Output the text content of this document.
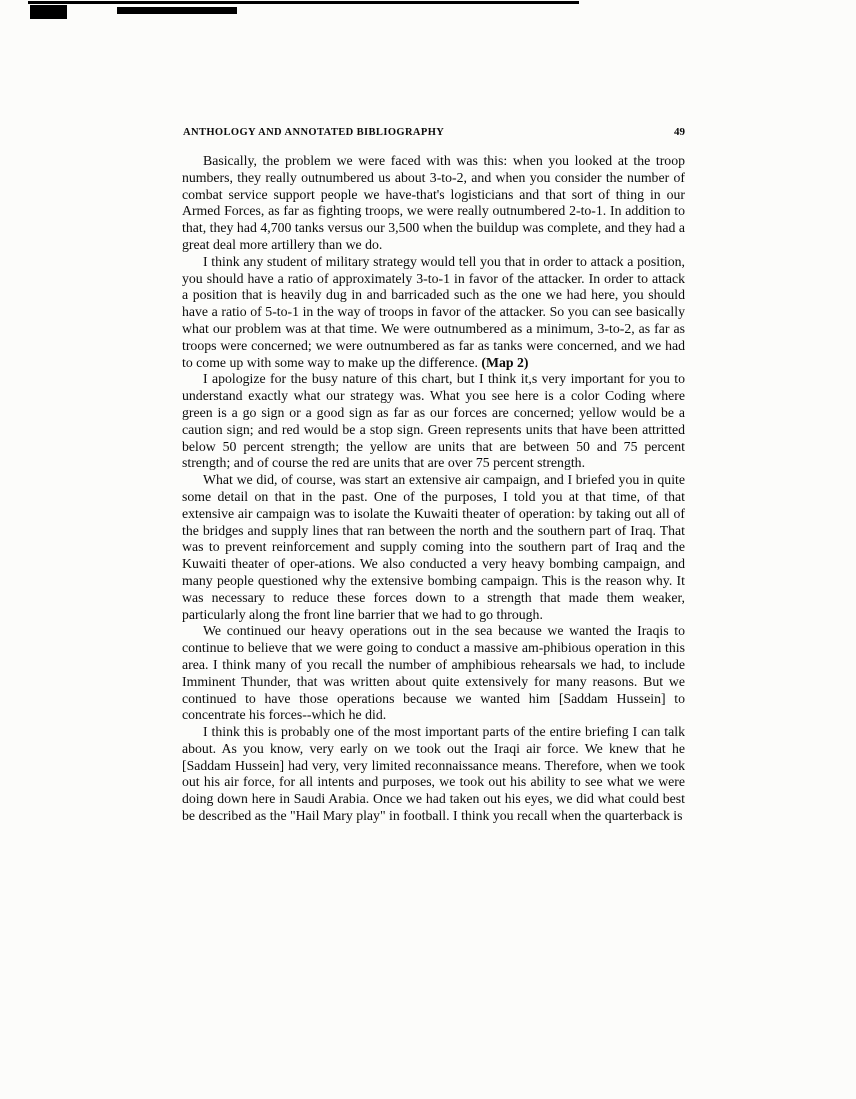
ANTHOLOGY AND ANNOTATED BIBLIOGRAPHY	49

Basically, the problem we were faced with was this: when you looked at the troop numbers, they really outnumbered us about 3-to-2, and when you consider the number of combat service support people we have-that's logisticians and that sort of thing in our Armed Forces, as far as fighting troops, we were really outnumbered 2-to-1. In addition to that, they had 4,700 tanks versus our 3,500 when the buildup was complete, and they had a great deal more artillery than we do.

I think any student of military strategy would tell you that in order to attack a position, you should have a ratio of approximately 3-to-1 in favor of the attacker. In order to attack a position that is heavily dug in and barricaded such as the one we had here, you should have a ratio of 5-to-1 in the way of troops in favor of the attacker. So you can see basically what our problem was at that time. We were outnumbered as a minimum, 3-to-2, as far as troops were concerned; we were outnumbered as far as tanks were concerned, and we had to come up with some way to make up the difference. (Map 2)

I apologize for the busy nature of this chart, but I think it,s very important for you to understand exactly what our strategy was. What you see here is a color Coding where green is a go sign or a good sign as far as our forces are concerned; yellow would be a caution sign; and red would be a stop sign. Green represents units that have been attritted below 50 percent strength; the yellow are units that are between 50 and 75 percent strength; and of course the red are units that are over 75 percent strength.

What we did, of course, was start an extensive air campaign, and I briefed you in quite some detail on that in the past. One of the purposes, I told you at that time, of that extensive air campaign was to isolate the Kuwaiti theater of operation: by taking out all of the bridges and supply lines that ran between the north and the southern part of Iraq. That was to prevent reinforcement and supply coming into the southern part of Iraq and the Kuwaiti theater of oper-ations. We also conducted a very heavy bombing campaign, and many people questioned why the extensive bombing campaign. This is the reason why. It was necessary to reduce these forces down to a strength that made them weaker, particularly along the front line barrier that we had to go through.

We continued our heavy operations out in the sea because we wanted the Iraqis to continue to believe that we were going to conduct a massive am-phibious operation in this area. I think many of you recall the number of amphibious rehearsals we had, to include Imminent Thunder, that was written about quite extensively for many reasons. But we continued to have those operations because we wanted him [Saddam Hussein] to concentrate his forces--which he did.

I think this is probably one of the most important parts of the entire briefing I can talk about. As you know, very early on we took out the Iraqi air force. We knew that he [Saddam Hussein] had very, very limited reconnaissance means. Therefore, when we took out his air force, for all intents and purposes, we took out his ability to see what we were doing down here in Saudi Arabia. Once we had taken out his eyes, we did what could best be described as the "Hail Mary play" in football. I think you recall when the quarterback is
